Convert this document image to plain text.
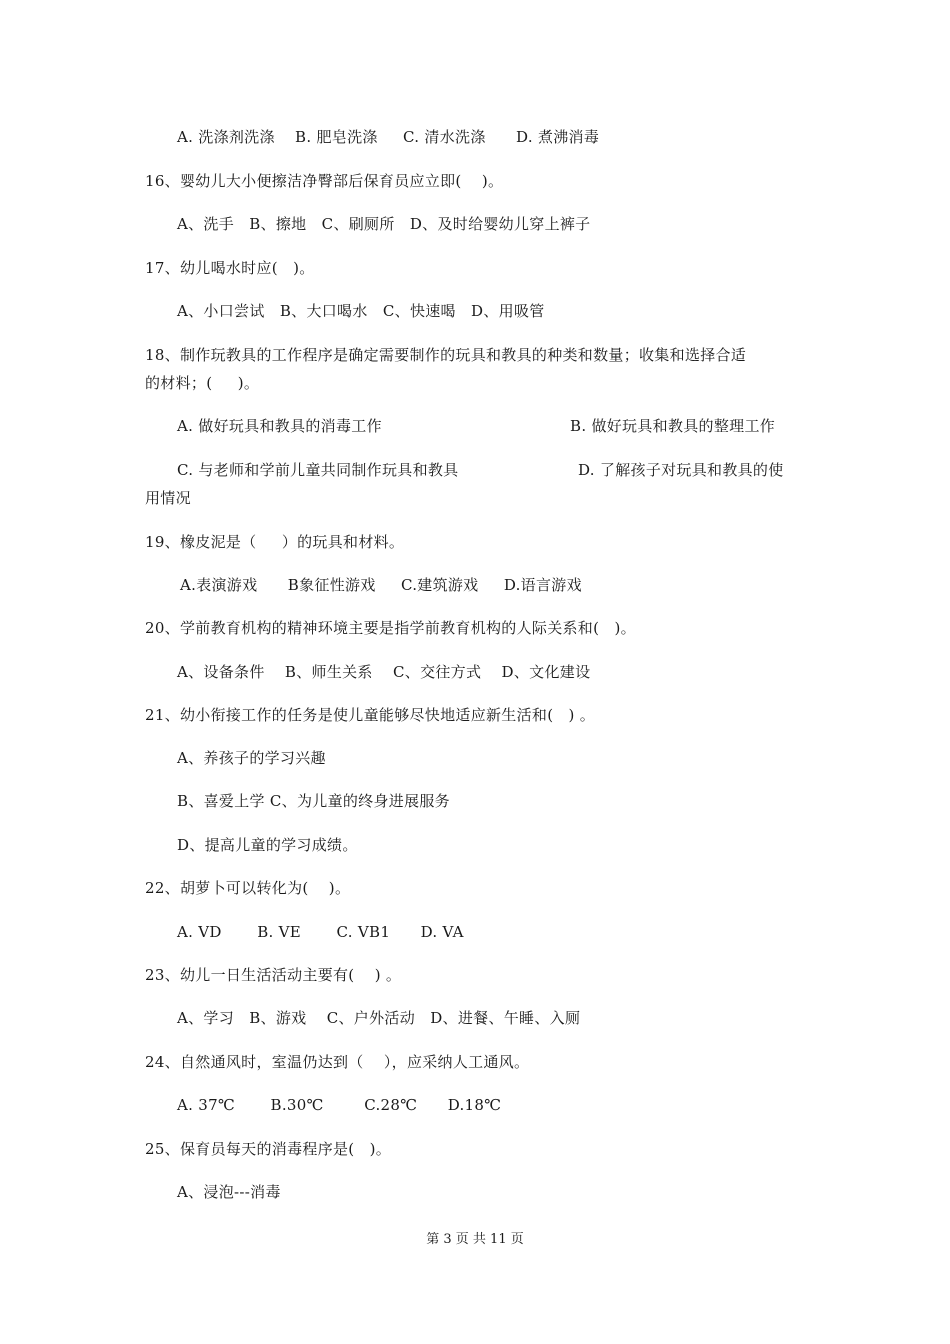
A. 洗涤剂洗涤    B. 肥皂洗涤     C. 清水洗涤      D. 煮沸消毒
16、婴幼儿大小便擦洁净臀部后保育员应立即(    )。
A、洗手   B、擦地   C、刷厕所   D、及时给婴幼儿穿上裤子
17、幼儿喝水时应(   )。
A、小口尝试   B、大口喝水   C、快速喝   D、用吸管
18、制作玩教具的工作程序是确定需要制作的玩具和教具的种类和数量；收集和选择合适
的材料；(     )。
A. 做好玩具和教具的消毒工作	B. 做好玩具和教具的整理工作
C. 与老师和学前儿童共同制作玩具和教具	D. 了解孩子对玩具和教具的使
用情况
19、橡皮泥是（     ）的玩具和材料。
A.表演游戏      B象征性游戏     C.建筑游戏     D.语言游戏
20、学前教育机构的精神环境主要是指学前教育机构的人际关系和(   )。
A、设备条件    B、师生关系    C、交往方式    D、文化建设
21、幼小衔接工作的任务是使儿童能够尽快地适应新生活和(   ) 。
A、养孩子的学习兴趣
B、喜爱上学 C、为儿童的终身进展服务
D、提高儿童的学习成绩。
22、胡萝卜可以转化为(    )。
A. VD       B. VE       C. VB1      D. VA
23、幼儿一日生活活动主要有(    ) 。
A、学习   B、游戏    C、户外活动   D、进餐、午睡、入厕
24、自然通风时，室温仍达到（    ），应采纳人工通风。
A. 37℃       B.30℃        C.28℃      D.18℃
25、保育员每天的消毒程序是(   )。
A、浸泡---消毒
第 3 页 共 11 页
